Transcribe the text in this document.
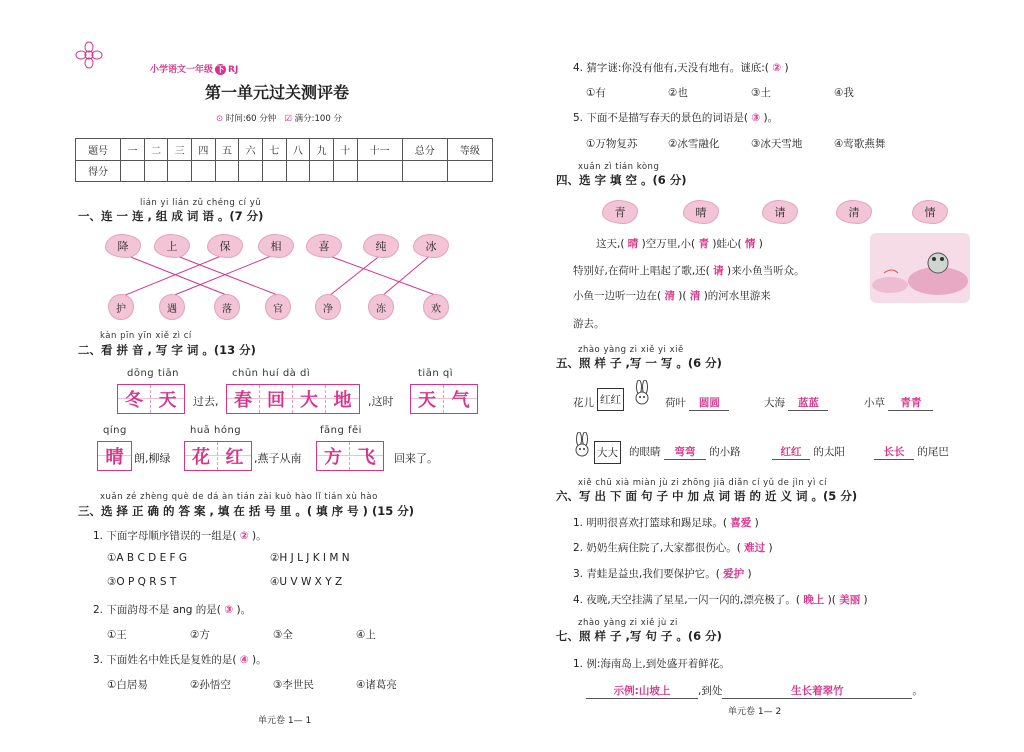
小学语文一年级 下 RJ
第一单元过关测评卷
⊙ 时间:60 分钟 ☑ 满分:100 分
题号	一	二	三	四	五	六	七	八	九	十	十一	总分	等级
得分													
lián yi lián zǔ chéng cí yǔ
一、连 一 连 , 组 成 词 语 。(7 分)
降	上	保	相	喜	纯	冰
护	遇	落	官	净	冻	欢
kàn pīn yīn xiě zì cí
二、看 拼 音 , 写 字 词 。(13 分)
dōng tiān
冬 天	过去,
chūn huí dà dì
春 回 大 地	,这时
tiān qì
天 气
qíng
晴 朗,柳绿
huā hóng
花 红 ,燕子从南
fāng fēi
方 飞	回来了。
xuǎn zé zhèng què de dá àn tián zài kuò hào lǐ tián xù hào
三、选 择 正 确 的 答 案 , 填 在 括 号 里 。( 填 序 号 ) (15 分)
1. 下面字母顺序错误的一组是( ② )。
①A B C D E F G	②H J L J K I M N
③O P Q R S T	④U V W X Y Z
2. 下面韵母不是 ang 的是( ③ )。
①王	②方	③全	④上
3. 下面姓名中姓氏是复姓的是( ④ )。
①白居易	②孙悟空	③李世民	④诸葛亮
单元卷 1— 1
4. 猜字谜:你没有他有,天没有地有。谜底:( ② )
①有	②也	③土	④我
5. 下面不是描写春天的景色的词语是( ③ )。
①万物复苏	②冰雪融化	③冰天雪地	④莺歌燕舞
xuǎn zì tián kòng
四、选 字 填 空 。(6 分)
青	晴	请	清	情
这天,( 晴 )空万里,小( 青 )蛙心( 情 )
特别好,在荷叶上唱起了歌,还( 请 )来小鱼当听众。
小鱼一边听一边在( 清 )( 清 )的河水里游来
游去。
zhào yàng zi xiě yi xiě
五、照 样 子 ,写 一 写 。(6 分)
花儿 红红	荷叶 圆圆	大海 蓝蓝	小草 青青
大大 的眼睛 弯弯 的小路	红红 的太阳	长长 的尾巴
xiě chū xià miàn jù zi zhōng jiā diǎn cí yǔ de jìn yì cí
六、写 出 下 面 句 子 中 加 点 词 语 的 近 义 词 。(5 分)
1. 明明很喜欢打篮球和踢足球。( 喜爱 )
2. 奶奶生病住院了,大家都很伤心。( 难过 )
3. 青蛙是益虫,我们要保护它。( 爱护 )
4. 夜晚,天空挂满了星星,一闪一闪的,漂亮极了。( 晚上 )( 美丽 )
zhào yàng zi xiě jù zi
七、照 样 子 ,写 句 子 。(6 分)
1. 例:海南岛上,到处盛开着鲜花。
示例:山坡上	,到处	生长着翠竹	。
单元卷 1— 2
